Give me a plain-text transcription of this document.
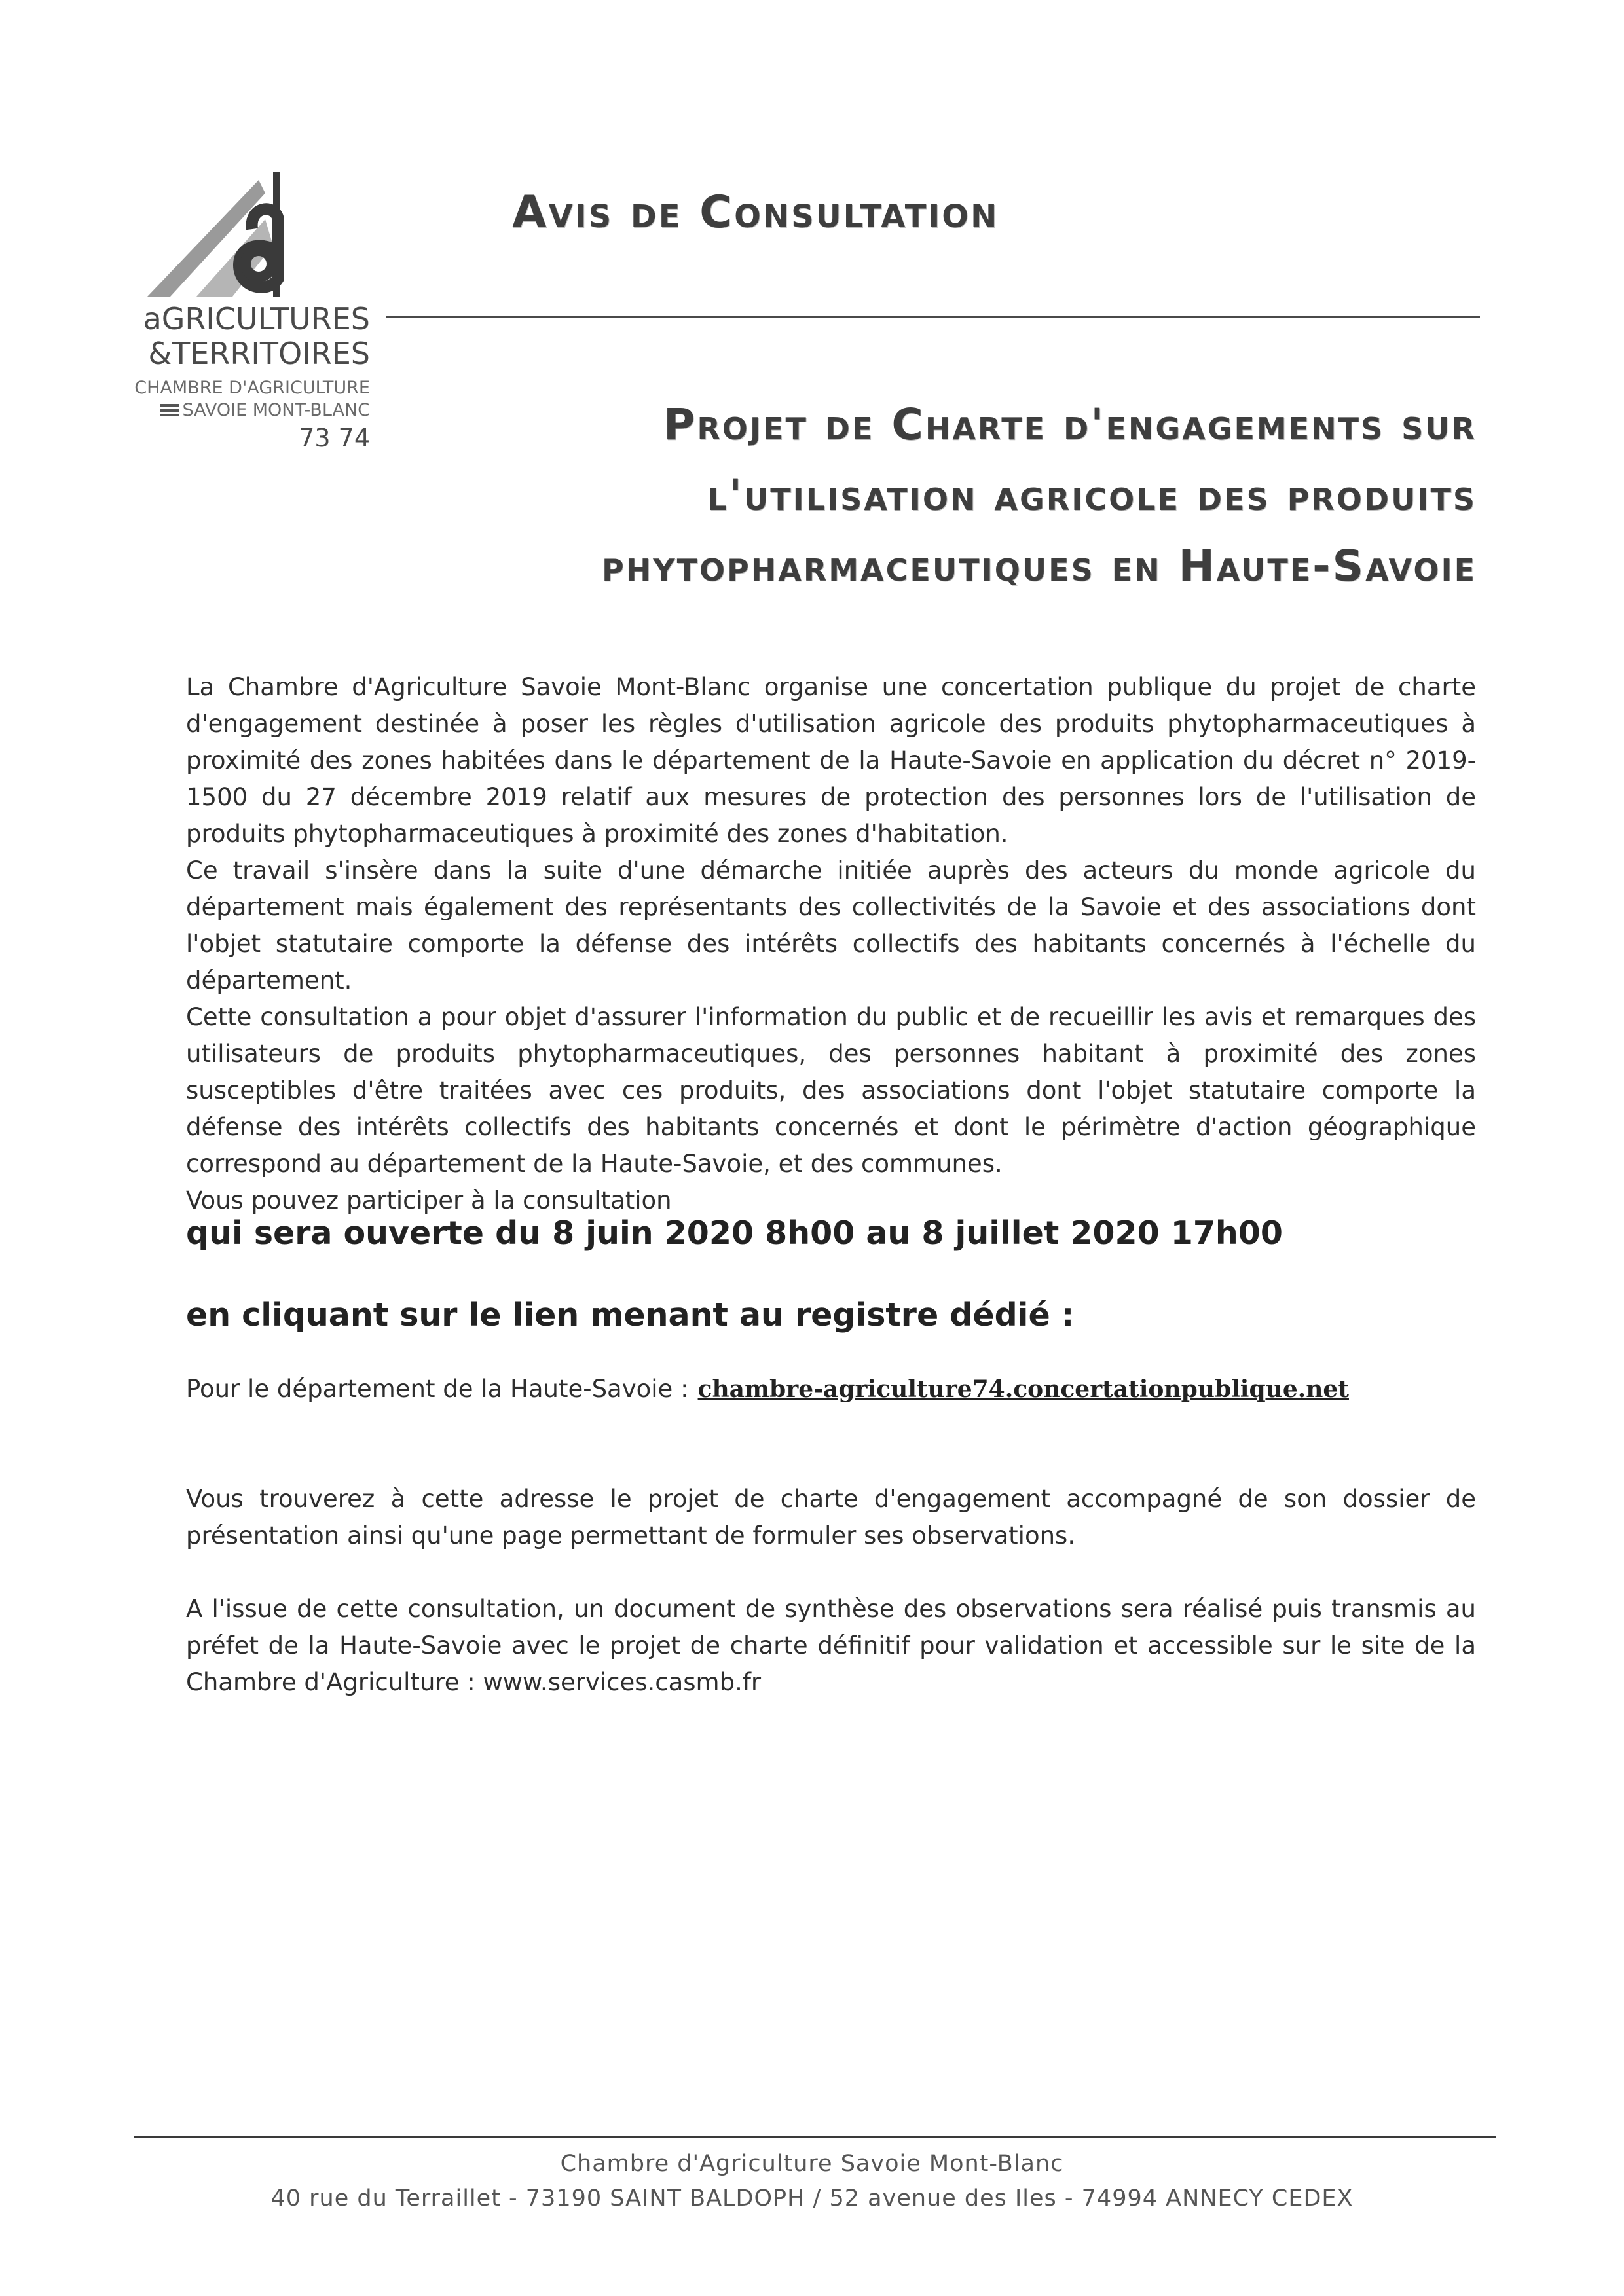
aGRICULTURES
&TERRITOIRES
CHAMBRE D'AGRICULTURE
SAVOIE MONT-BLANC
73 74
Avis de Consultation
Projet de Charte d'engagements sur
l'utilisation agricole des produits
phytopharmaceutiques en Haute-Savoie

La Chambre d'Agriculture Savoie Mont-Blanc organise une concertation publique du projet de charte d'engagement destinée à poser les règles d'utilisation agricole des produits phytopharmaceutiques à proximité des zones habitées dans le département de la Haute-Savoie en application du décret n° 2019-1500 du 27 décembre 2019 relatif aux mesures de protection des personnes lors de l'utilisation de produits phytopharmaceutiques à proximité des zones d'habitation.

Ce travail s'insère dans la suite d'une démarche initiée auprès des acteurs du monde agricole du département mais également des représentants des collectivités de la Savoie et des associations dont l'objet statutaire comporte la défense des intérêts collectifs des habitants concernés à l'échelle du département.

Cette consultation a pour objet d'assurer l'information du public et de recueillir les avis et remarques des utilisateurs de produits phytopharmaceutiques, des personnes habitant à proximité des zones susceptibles d'être traitées avec ces produits, des associations dont l'objet statutaire comporte la défense des intérêts collectifs des habitants concernés et dont le périmètre d'action géographique correspond au département de la Haute-Savoie, et des communes.

Vous pouvez participer à la consultation

qui sera ouverte du 8 juin 2020 8h00 au 8 juillet 2020 17h00
en cliquant sur le lien menant au registre dédié :
Pour le département de la Haute-Savoie : chambre-agriculture74.concertationpublique.net

Vous trouverez à cette adresse le projet de charte d'engagement accompagné de son dossier de présentation ainsi qu'une page permettant de formuler ses observations.

A l'issue de cette consultation, un document de synthèse des observations sera réalisé puis transmis au préfet de la Haute-Savoie avec le projet de charte définitif pour validation et accessible sur le site de la Chambre d'Agriculture : www.services.casmb.fr

Chambre d'Agriculture Savoie Mont-Blanc
40 rue du Terraillet - 73190 SAINT BALDOPH / 52 avenue des Iles - 74994 ANNECY CEDEX
